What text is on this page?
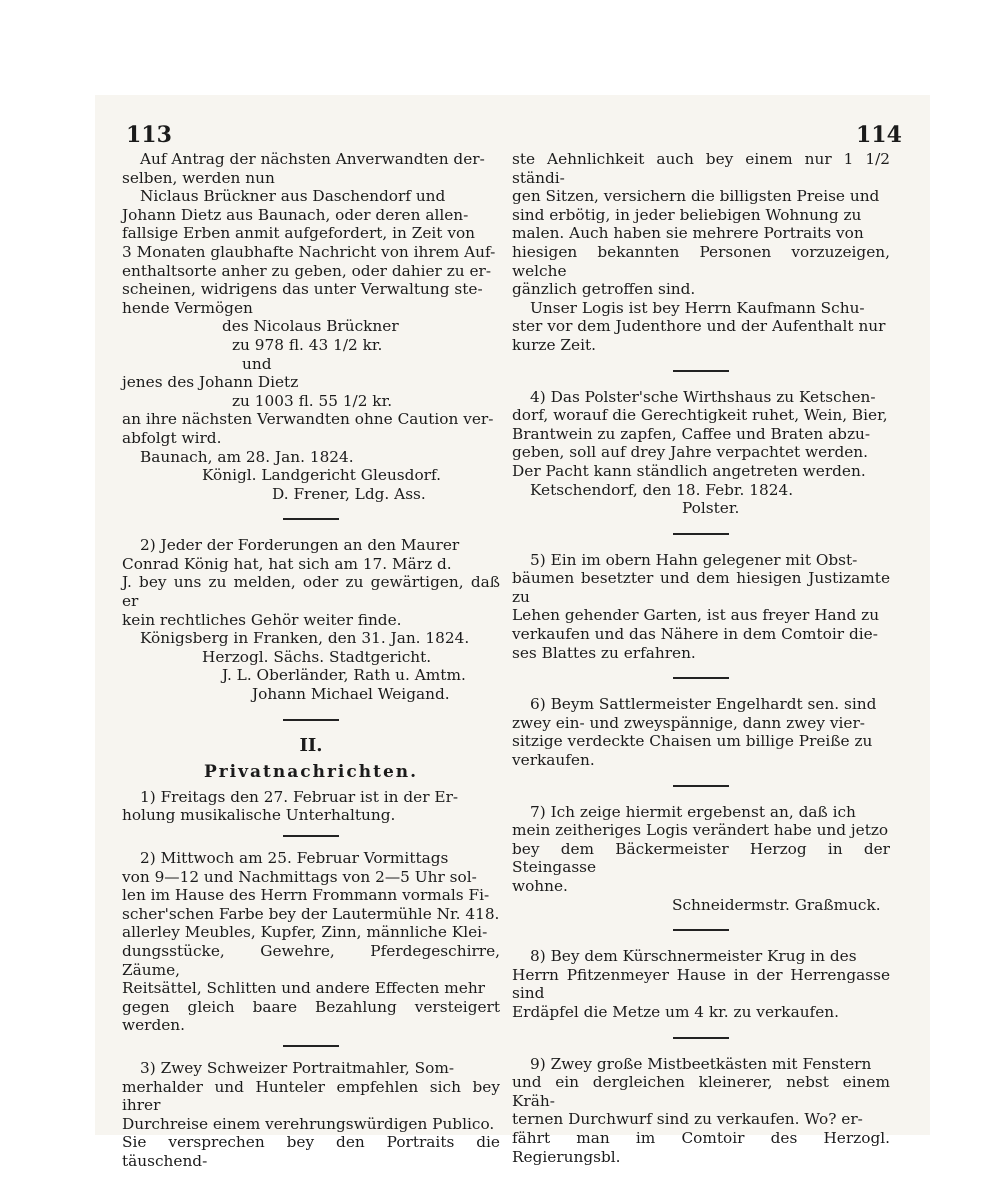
113	114

Auf Antrag der nächsten Anverwandten der-

selben, werden nun

Niclaus Brückner aus Daschendorf und

Johann Dietz aus Baunach, oder deren allen-

fallsige Erben anmit aufgefordert, in Zeit von

3 Monaten glaubhafte Nachricht von ihrem Auf-

enthaltsorte anher zu geben, oder dahier zu er-

scheinen, widrigens das unter Verwaltung ste-

hende Vermögen

des Nicolaus Brückner

zu 978 fl. 43 1/2 kr.

und

jenes des Johann Dietz

zu 1003 fl. 55 1/2 kr.

an ihre nächsten Verwandten ohne Caution ver-

abfolgt wird.

Baunach, am 28. Jan. 1824.

Königl. Landgericht Gleusdorf.

D. Frener, Ldg. Ass.

2) Jeder der Forderungen an den Maurer

Conrad König hat, hat sich am 17. März d.

J. bey uns zu melden, oder zu gewärtigen, daß er

kein rechtliches Gehör weiter finde.

Königsberg in Franken, den 31. Jan. 1824.

Herzogl. Sächs. Stadtgericht.

J. L. Oberländer, Rath u. Amtm.

Johann Michael Weigand.

II.
Privatnachrichten.

1) Freitags den 27. Februar ist in der Er-

holung musikalische Unterhaltung.

2) Mittwoch am 25. Februar Vormittags

von 9—12 und Nachmittags von 2—5 Uhr sol-

len im Hause des Herrn Frommann vormals Fi-

scher'schen Farbe bey der Lautermühle Nr. 418.

allerley Meubles, Kupfer, Zinn, männliche Klei-

dungsstücke, Gewehre, Pferdegeschirre, Zäume,

Reitsättel, Schlitten und andere Effecten mehr

gegen gleich baare Bezahlung versteigert werden.

3) Zwey Schweizer Portraitmahler, Som-

merhalder und Hunteler empfehlen sich bey ihrer

Durchreise einem verehrungswürdigen Publico.

Sie versprechen bey den Portraits die täuschend-

ste Aehnlichkeit auch bey einem nur 1 1/2 ständi-

gen Sitzen, versichern die billigsten Preise und

sind erbötig, in jeder beliebigen Wohnung zu

malen. Auch haben sie mehrere Portraits von

hiesigen bekannten Personen vorzuzeigen, welche

gänzlich getroffen sind.

Unser Logis ist bey Herrn Kaufmann Schu-

ster vor dem Judenthore und der Aufenthalt nur

kurze Zeit.

4) Das Polster'sche Wirthshaus zu Ketschen-

dorf, worauf die Gerechtigkeit ruhet, Wein, Bier,

Brantwein zu zapfen, Caffee und Braten abzu-

geben, soll auf drey Jahre verpachtet werden.

Der Pacht kann ständlich angetreten werden.

Ketschendorf, den 18. Febr. 1824.

Polster.

5) Ein im obern Hahn gelegener mit Obst-

bäumen besetzter und dem hiesigen Justizamte zu

Lehen gehender Garten, ist aus freyer Hand zu

verkaufen und das Nähere in dem Comtoir die-

ses Blattes zu erfahren.

6) Beym Sattlermeister Engelhardt sen. sind

zwey ein- und zweyspännige, dann zwey vier-

sitzige verdeckte Chaisen um billige Preiße zu

verkaufen.

7) Ich zeige hiermit ergebenst an, daß ich

mein zeitheriges Logis verändert habe und jetzo

bey dem Bäckermeister Herzog in der Steingasse

wohne.

Schneidermstr. Graßmuck.

8) Bey dem Kürschnermeister Krug in des

Herrn Pfitzenmeyer Hause in der Herrengasse sind

Erdäpfel die Metze um 4 kr. zu verkaufen.

9) Zwey große Mistbeetkästen mit Fenstern

und ein dergleichen kleinerer, nebst einem Kräh-

ternen Durchwurf sind zu verkaufen. Wo? er-

fährt man im Comtoir des Herzogl. Regierungsbl.
